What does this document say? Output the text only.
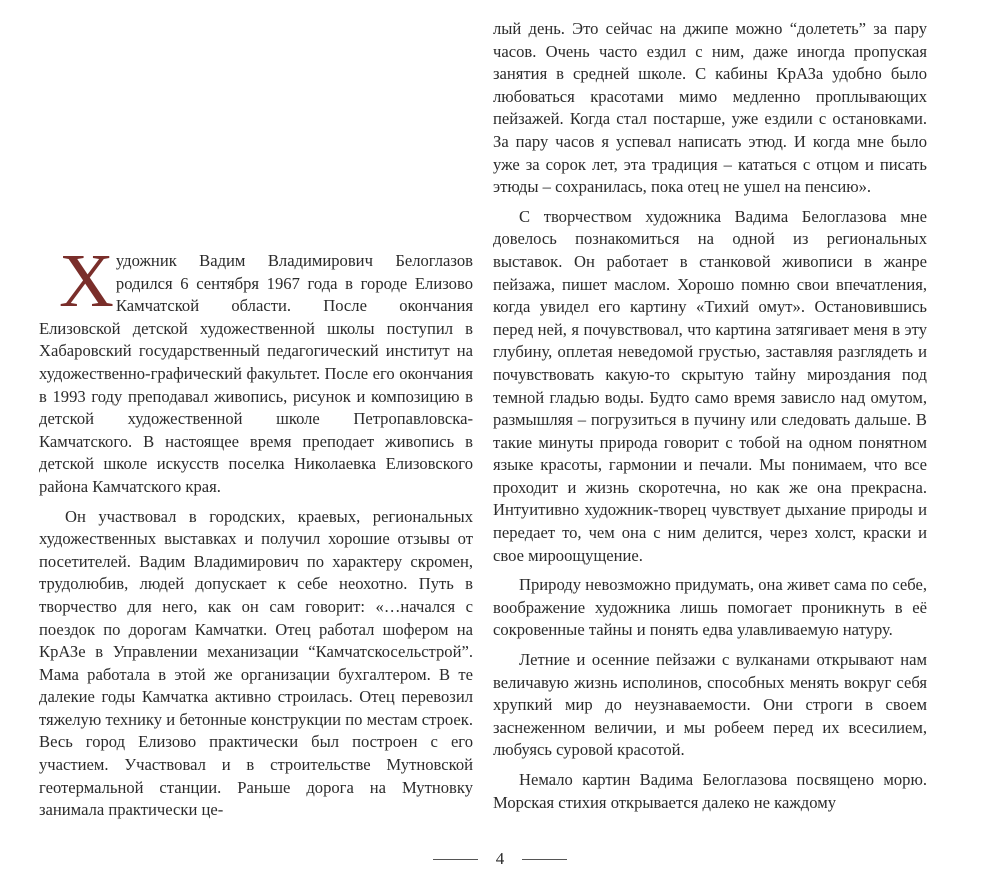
Художник Вадим Владимирович Белоглазов родился 6 сентября 1967 года в городе Елизово Камчатской области. После окончания Елизовской детской художественной школы поступил в Хабаровский государственный педагогический институт на художественно-графический факультет. После его окончания в 1993 году преподавал живопись, рисунок и композицию в детской художественной школе Петропавловска-Камчатского. В настоящее время преподает живопись в детской школе искусств поселка Николаевка Елизовского района Камчатского края.

Он участвовал в городских, краевых, региональных художественных выставках и получил хорошие отзывы от посетителей. Вадим Владимирович по характеру скромен, трудолюбив, людей допускает к себе неохотно. Путь в творчество для него, как он сам говорит: «…начался с поездок по дорогам Камчатки. Отец работал шофером на КрАЗе в Управлении механизации “Камчатскосельстрой”. Мама работала в этой же организации бухгалтером. В те далекие годы Камчатка активно строилась. Отец перевозил тяжелую технику и бетонные конструкции по местам строек. Весь город Елизово практически был построен с его участием. Участвовал и в строительстве Мутновской геотермальной станции. Раньше дорога на Мутновку занимала практически це-

лый день. Это сейчас на джипе можно “долететь” за пару часов. Очень часто ездил с ним, даже иногда пропуская занятия в средней школе. С кабины КрАЗа удобно было любоваться красотами мимо медленно проплывающих пейзажей. Когда стал постарше, уже ездили с остановками. За пару часов я успевал написать этюд. И когда мне было уже за сорок лет, эта традиция – кататься с отцом и писать этюды – сохранилась, пока отец не ушел на пенсию».

С творчеством художника Вадима Белоглазова мне довелось познакомиться на одной из региональных выставок. Он работает в станковой живописи в жанре пейзажа, пишет маслом. Хорошо помню свои впечатления, когда увидел его картину «Тихий омут». Остановившись перед ней, я почувствовал, что картина затягивает меня в эту глубину, оплетая неведомой грустью, заставляя разглядеть и почувствовать какую-то скрытую тайну мироздания под темной гладью воды. Будто само время зависло над омутом, размышляя – погрузиться в пучину или следовать дальше. В такие минуты природа говорит с тобой на одном понятном языке красоты, гармонии и печали. Мы понимаем, что все проходит и жизнь скоротечна, но как же она прекрасна. Интуитивно художник-творец чувствует дыхание природы и передает то, чем она с ним делится, через холст, краски и свое мироощущение.

Природу невозможно придумать, она живет сама по себе, воображение художника лишь помогает проникнуть в её сокровенные тайны и понять едва улавливаемую натуру.

Летние и осенние пейзажи с вулканами открывают нам величавую жизнь исполинов, способных менять вокруг себя хрупкий мир до неузнаваемости. Они строги в своем заснеженном величии, и мы робеем перед их всесилием, любуясь суровой красотой.

Немало картин Вадима Белоглазова посвящено морю. Морская стихия открывается далеко не каждому

4
